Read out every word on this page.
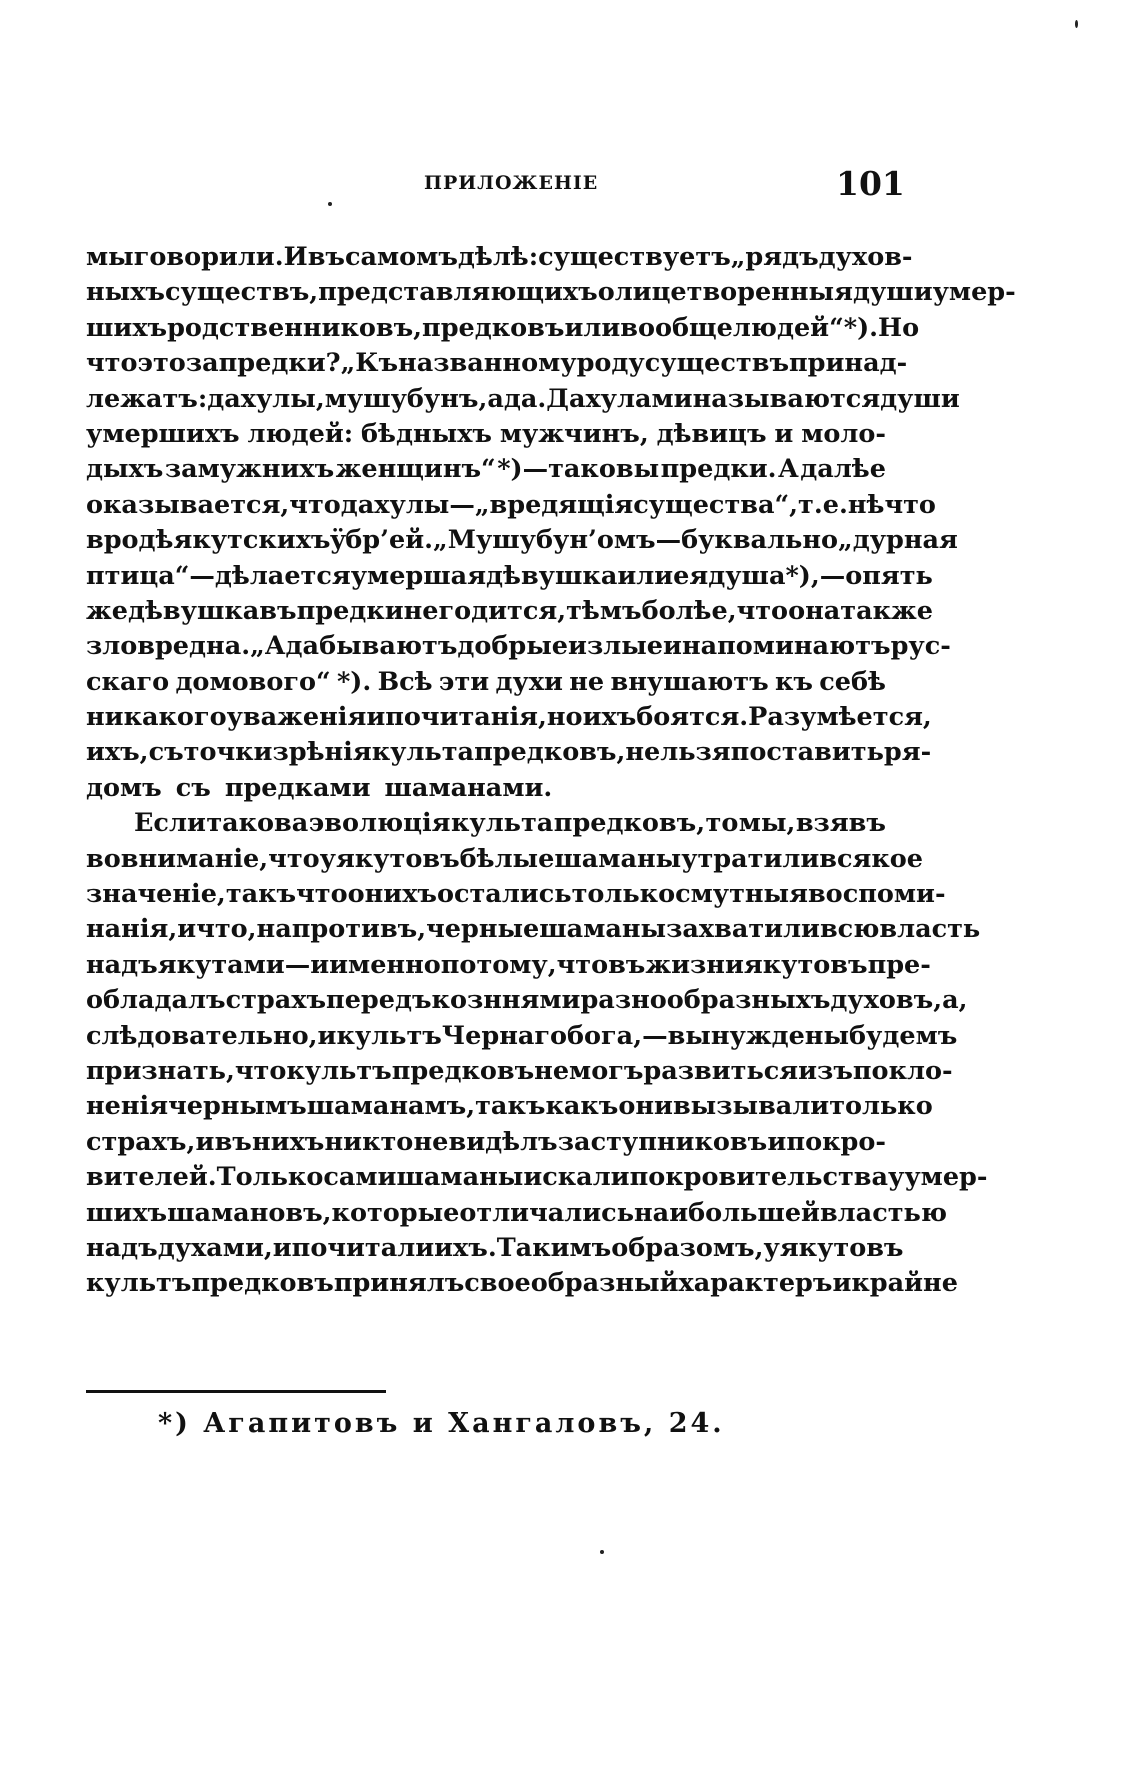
ПРИЛОЖЕНІЕ	101
мы говорили. И въ самомъ дѣлѣ: существуетъ „рядъ духов-
ныхъ существъ, представляющихъ олицетворенныя души умер-
шихъ родственниковъ, предковъ или вообще людей“ *). Но
что это за предки? „Къ названному роду существъ принад-
лежатъ: дахулы, мушубунъ, ада. Дахулами называются души
умершихъ людей: бѣдныхъ мужчинъ, дѣвицъ и моло-
дыхъ замужнихъ женщинъ“ *)—таковы предки. А далѣе
оказывается, что дахулы—„вредящія существа“, т. е. нѣчто
вродѣ якутскихъ ÿбр’ей. „Мушубун’омъ—буквально „дурная
птица“—дѣлается умершая дѣвушка или ея душа *),—опять
же дѣвушка въ предки не годится, тѣмъ болѣе, что она также
зловредна. „Ада бываютъ добрые и злые и напоминаютъ рус-
скаго домового“ *). Всѣ эти духи не внушаютъ къ себѣ
никакого уваженія и почитанія, но ихъ боятся. Разумѣется,
ихъ, съ точки зрѣнія культа предковъ, нельзя поставить ря-
домъ съ предками шаманами.
Если такова эволюція культа предковъ, то мы, взявъ
во вниманіе, что у якутовъ бѣлые шаманы утратили всякое
значеніе, такъ что о нихъ остались только смутныя воспоми-
нанія, и что, напротивъ, черные шаманы захватили всю власть
надъ якутами—и именно потому, что въ жизни якутовъ пре-
обладалъ страхъ передъ козннями разнообразныхъ духовъ, а,
слѣдовательно, и культъ Чернаго бога,—вынуждены будемъ
признать, что культъ предковъ не могъ развиться изъ покло-
ненія чернымъ шаманамъ, такъ какъ они вызывали только
страхъ, и въ нихъ никто не видѣлъ заступниковъ и покро-
вителей. Только сами шаманы искали покровительства у умер-
шихъ шамановъ, которые отличались наибольшей властью
надъ духами, и почитали ихъ. Такимъ образомъ, у якутовъ
культъ предковъ принялъ своеобразный характеръ и крайне
*) Агапитовъ и Хангаловъ, 24.
